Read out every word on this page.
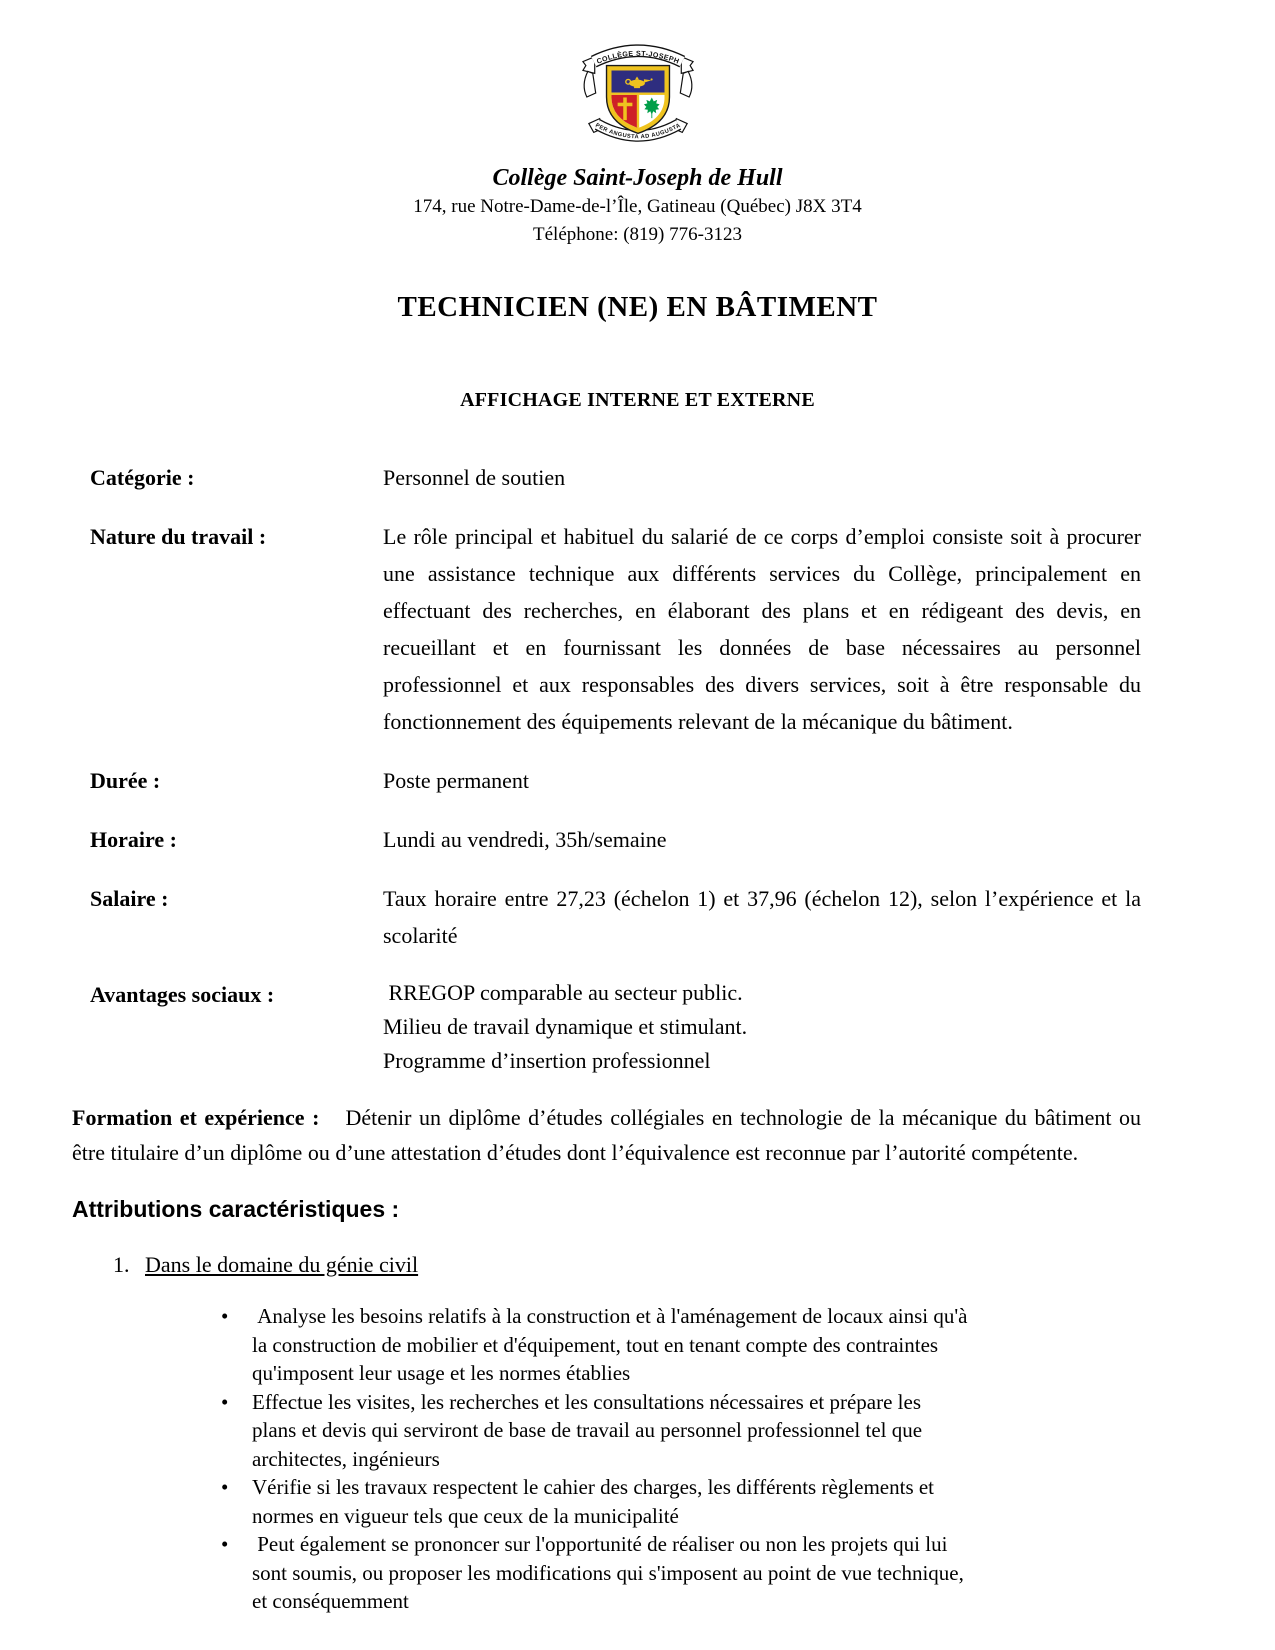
COLLÈGE ST-JOSEPH
PER ANGUSTA AD AUGUSTA
Collège Saint-Joseph de Hull
174, rue Notre-Dame-de-l’Île, Gatineau (Québec) J8X 3T4
Téléphone: (819) 776-3123
TECHNICIEN (NE) EN BÂTIMENT
AFFICHAGE INTERNE ET EXTERNE
Catégorie :	Personnel de soutien
Nature du travail :	Le rôle principal et habituel du salarié de ce corps d’emploi consiste soit à procurer une assistance technique aux différents services du Collège, principalement en effectuant des recherches, en élaborant des plans et en rédigeant des devis, en recueillant et en fournissant les données de base nécessaires au personnel professionnel et aux responsables des divers services, soit à être responsable du fonctionnement des équipements relevant de la mécanique du bâtiment.
Durée :	Poste permanent
Horaire :	Lundi au vendredi, 35h/semaine
Salaire :	Taux horaire entre 27,23 (échelon 1) et 37,96 (échelon 12), selon l’expérience et la scolarité
Avantages sociaux :	RREGOP comparable au secteur public.
Milieu de travail dynamique et stimulant.
Programme d’insertion professionnel

Formation et expérience : Détenir un diplôme d’études collégiales en technologie de la mécanique du bâtiment ou être titulaire d’un diplôme ou d’une attestation d’études dont l’équivalence est reconnue par l’autorité compétente.

Attributions caractéristiques :
1. Dans le domaine du génie civil
•  Analyse les besoins relatifs à la construction et à l'aménagement de locaux ainsi qu'à la construction de mobilier et d'équipement, tout en tenant compte des contraintes qu'imposent leur usage et les normes établies
• Effectue les visites, les recherches et les consultations nécessaires et prépare les plans et devis qui serviront de base de travail au personnel professionnel tel que architectes, ingénieurs
• Vérifie si les travaux respectent le cahier des charges, les différents règlements et normes en vigueur tels que ceux de la municipalité
•  Peut également se prononcer sur l'opportunité de réaliser ou non les projets qui lui sont soumis, ou proposer les modifications qui s'imposent au point de vue technique, et conséquemment
